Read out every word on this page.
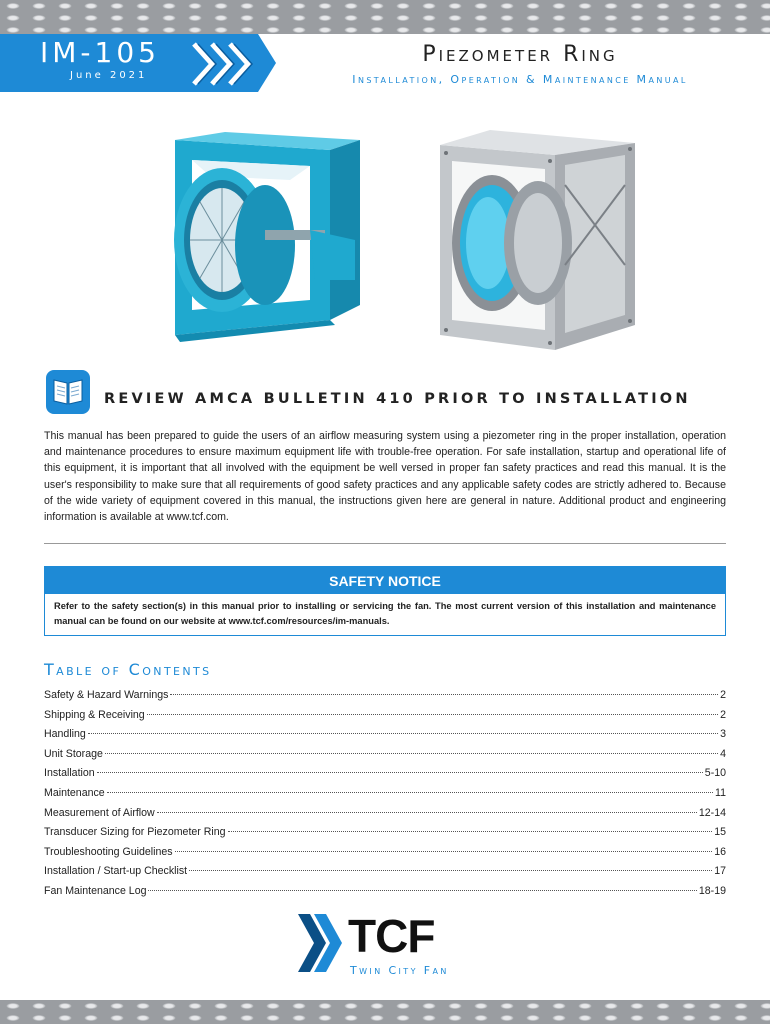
IM-105
June 2021
Piezometer Ring
Installation, Operation & Maintenance Manual
REVIEW AMCA BULLETIN 410 PRIOR TO INSTALLATION

This manual has been prepared to guide the users of an airflow measuring system using a piezometer ring in the proper installation, operation and maintenance procedures to ensure maximum equipment life with trouble-free operation. For safe installation, startup and operational life of this equipment, it is important that all involved with the equipment be well versed in proper fan safety practices and read this manual. It is the user's responsibility to make sure that all requirements of good safety practices and any applicable safety codes are strictly adhered to. Because of the wide variety of equipment covered in this manual, the instructions given here are general in nature. Additional product and engineering information is available at www.tcf.com.

SAFETY NOTICE
Refer to the safety section(s) in this manual prior to installing or servicing the fan. The most current version of this installation and maintenance manual can be found on our website at www.tcf.com/resources/im-manuals.
Table of Contents
Safety & Hazard Warnings	2
Shipping & Receiving	2
Handling	3
Unit Storage	4
Installation	5-10
Maintenance	11
Measurement of Airflow	12-14
Transducer Sizing for Piezometer Ring	15
Troubleshooting Guidelines	16
Installation / Start-up Checklist	17
Fan Maintenance Log	18-19
TCF
Twin City Fan
